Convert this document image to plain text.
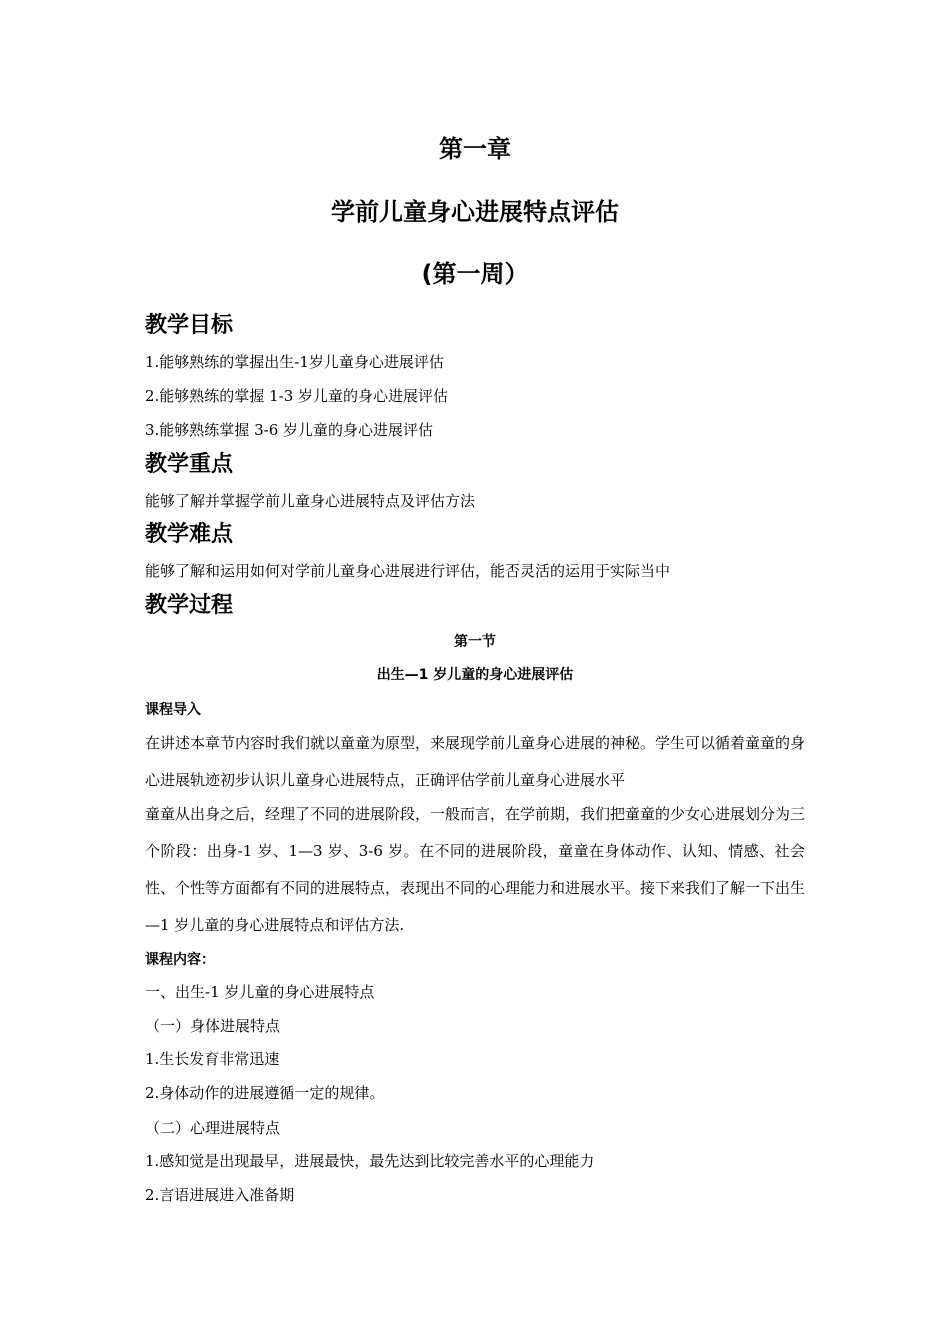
第一章
学前儿童身心进展特点评估
(第一周）
教学目标
1.能够熟练的掌握出生-1岁儿童身心进展评估
2.能够熟练的掌握 1-3 岁儿童的身心进展评估
3.能够熟练掌握 3-6 岁儿童的身心进展评估
教学重点
能够了解并掌握学前儿童身心进展特点及评估方法
教学难点
能够了解和运用如何对学前儿童身心进展进行评估，能否灵活的运用于实际当中
教学过程
第一节
出生—1 岁儿童的身心进展评估
课程导入
在讲述本章节内容时我们就以童童为原型，来展现学前儿童身心进展的神秘。学生可以循着童童的身心进展轨迹初步认识儿童身心进展特点，正确评估学前儿童身心进展水平
童童从出身之后，经理了不同的进展阶段，一般而言，在学前期，我们把童童的少女心进展划分为三个阶段：出身-1 岁、1—3 岁、3-6 岁。在不同的进展阶段，童童在身体动作、认知、情感、社会性、个性等方面都有不同的进展特点，表现出不同的心理能力和进展水平。接下来我们了解一下出生—1 岁儿童的身心进展特点和评估方法.
课程内容：
一、出生-1 岁儿童的身心进展特点
（一）身体进展特点
1.生长发育非常迅速
2.身体动作的进展遵循一定的规律。
（二）心理进展特点
1.感知觉是出现最早，进展最快，最先达到比较完善水平的心理能力
2.言语进展进入准备期
